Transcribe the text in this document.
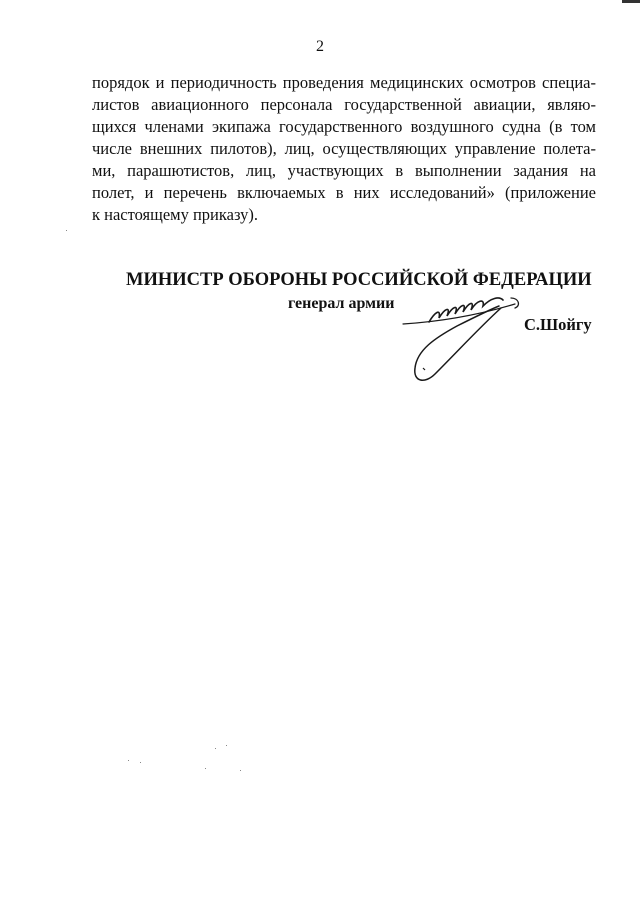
2
порядок и периодичность проведения медицинских осмотров специа-
листов авиационного персонала государственной авиации, являю-
щихся членами экипажа государственного воздушного судна (в том
числе внешних пилотов), лиц, осуществляющих управление полета-
ми, парашютистов, лиц, участвующих в выполнении задания на
полет, и перечень включаемых в них исследований» (приложение
к настоящему приказу).
МИНИСТР ОБОРОНЫ РОССИЙСКОЙ ФЕДЕРАЦИИ
генерал армии
С.Шойгу
